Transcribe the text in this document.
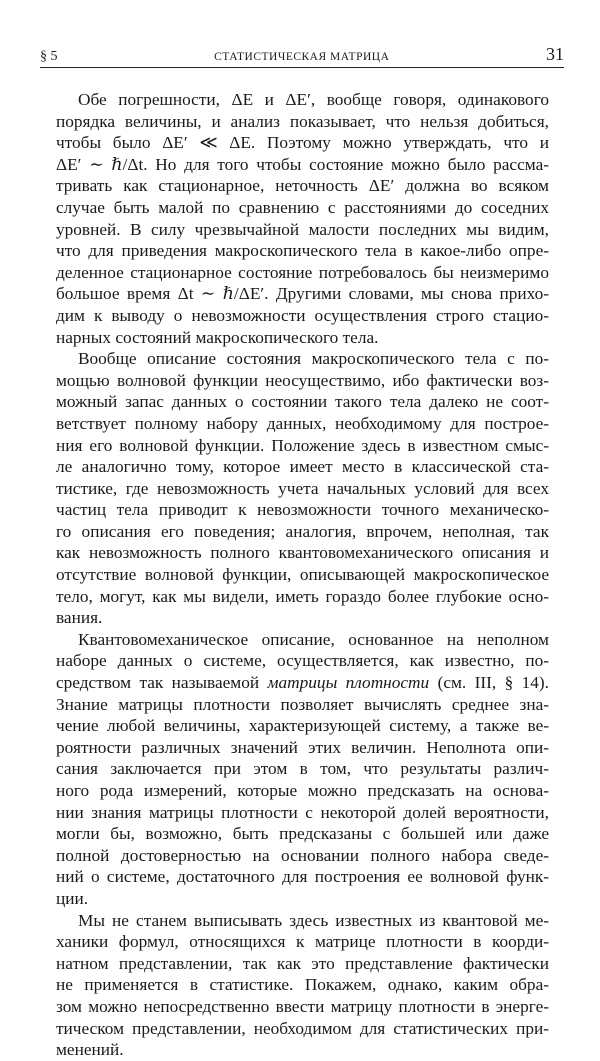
§ 5	СТАТИСТИЧЕСКАЯ МАТРИЦА	31

Обе погрешности, ΔE и ΔE′, вообще говоря, одинакового
порядка величины, и анализ показывает, что нельзя добиться,
чтобы было ΔE′ ≪ ΔE. Поэтому можно утверждать, что и
ΔE′ ∼ ℏ/Δt. Но для того чтобы состояние можно было рассма-
тривать как стационарное, неточность ΔE′ должна во всяком
случае быть малой по сравнению с расстояниями до соседних
уровней. В силу чрезвычайной малости последних мы видим,
что для приведения макроскопического тела в какое-либо опре-
деленное стационарное состояние потребовалось бы неизмеримо
большое время Δt ∼ ℏ/ΔE′. Другими словами, мы снова прихо-
дим к выводу о невозможности осуществления строго стацио-
нарных состояний макроскопического тела.

Вообще описание состояния макроскопического тела с по-
мощью волновой функции неосуществимо, ибо фактически воз-
можный запас данных о состоянии такого тела далеко не соот-
ветствует полному набору данных, необходимому для построе-
ния его волновой функции. Положение здесь в известном смыс-
ле аналогично тому, которое имеет место в классической ста-
тистике, где невозможность учета начальных условий для всех
частиц тела приводит к невозможности точного механическо-
го описания его поведения; аналогия, впрочем, неполная, так
как невозможность полного квантовомеханического описания и
отсутствие волновой функции, описывающей макроскопическое
тело, могут, как мы видели, иметь гораздо более глубокие осно-
вания.

Квантовомеханическое описание, основанное на неполном
наборе данных о системе, осуществляется, как известно, по-
средством так называемой матрицы плотности (см. III, § 14).
Знание матрицы плотности позволяет вычислять среднее зна-
чение любой величины, характеризующей систему, а также ве-
роятности различных значений этих величин. Неполнота опи-
сания заключается при этом в том, что результаты различ-
ного рода измерений, которые можно предсказать на основа-
нии знания матрицы плотности с некоторой долей вероятности,
могли бы, возможно, быть предсказаны с большей или даже
полной достоверностью на основании полного набора сведе-
ний о системе, достаточного для построения ее волновой функ-
ции.

Мы не станем выписывать здесь известных из квантовой ме-
ханики формул, относящихся к матрице плотности в коорди-
натном представлении, так как это представление фактически
не применяется в статистике. Покажем, однако, каким обра-
зом можно непосредственно ввести матрицу плотности в энерге-
тическом представлении, необходимом для статистических при-
менений.
